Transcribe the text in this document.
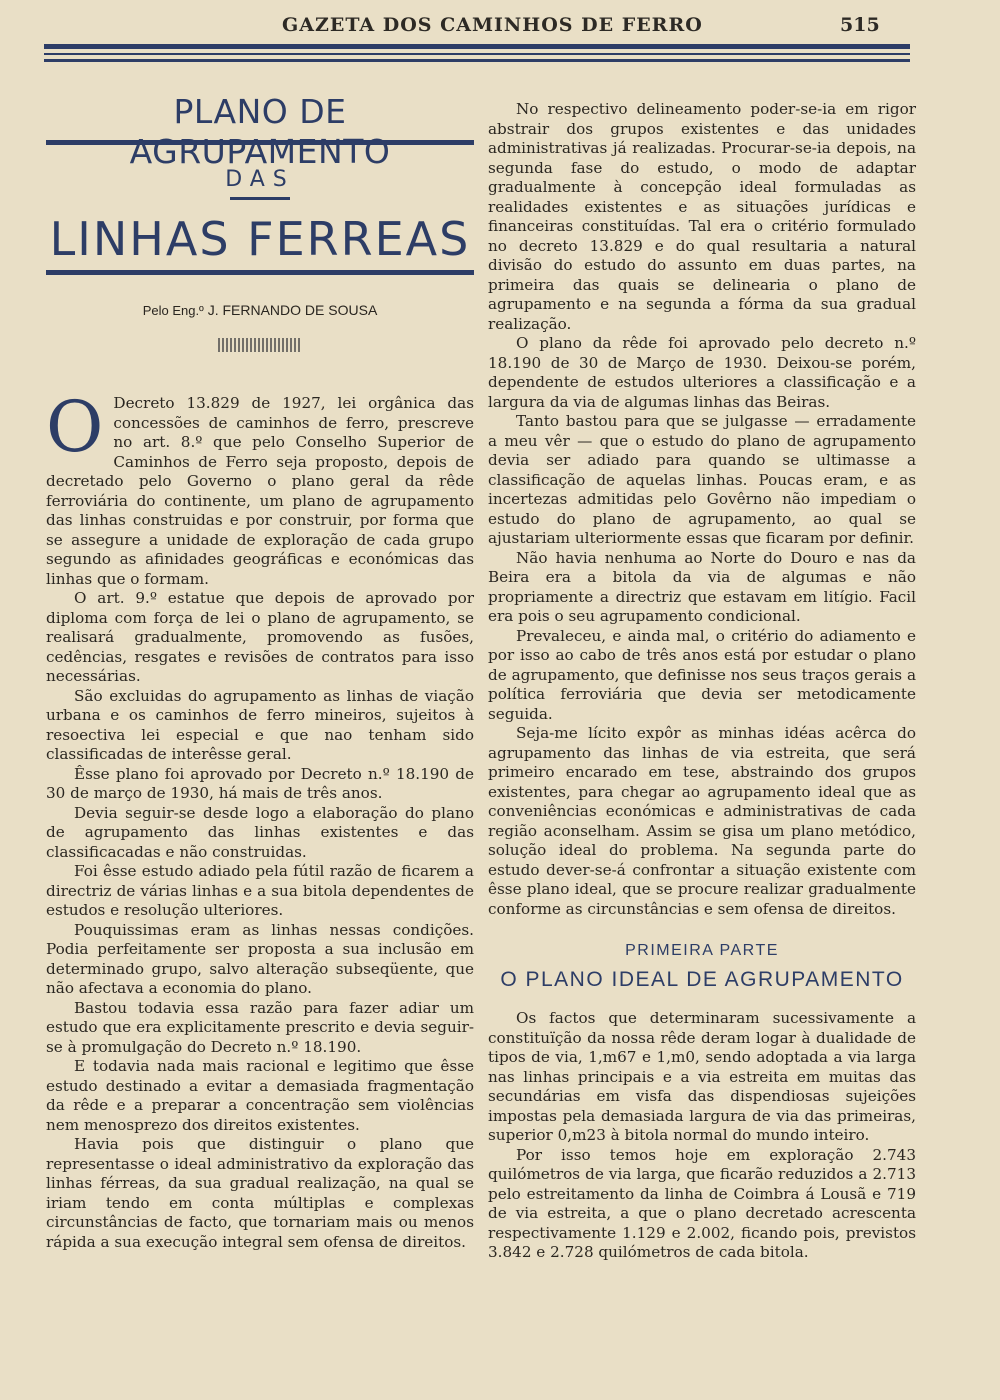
GAZETA DOS CAMINHOS DE FERRO	515
PLANO DE AGRUPAMENTO
DAS
LINHAS FERREAS
Pelo Eng.º J. FERNANDO DE SOUSA

O Decreto 13.829 de 1927, lei orgânica das concessões de caminhos de ferro, prescreve no art. 8.º que pelo Conselho Superior de Caminhos de Ferro seja proposto, depois de decretado pelo Governo o plano geral da rêde ferroviária do continente, um plano de agrupamento das linhas construidas e por construir, por forma que se assegure a unidade de exploração de cada grupo segundo as afinidades geográficas e económicas das linhas que o formam.

O art. 9.º estatue que depois de aprovado por diploma com força de lei o plano de agrupamento, se realisará gradualmente, promovendo as fusões, cedências, resgates e revisões de contratos para isso necessárias.

São excluidas do agrupamento as linhas de viação urbana e os caminhos de ferro mineiros, sujeitos à resoectiva lei especial e que nao tenham sido classificadas de interêsse geral.

Êsse plano foi aprovado por Decreto n.º 18.190 de 30 de março de 1930, há mais de três anos.

Devia seguir-se desde logo a elaboração do plano de agrupamento das linhas existentes e das classificacadas e não construidas.

Foi êsse estudo adiado pela fútil razão de ficarem a directriz de várias linhas e a sua bitola dependentes de estudos e resolução ulteriores.

Pouquissimas eram as linhas nessas condições. Podia perfeitamente ser proposta a sua inclusão em determinado grupo, salvo alteração subseqüente, que não afectava a economia do plano.

Bastou todavia essa razão para fazer adiar um estudo que era explicitamente prescrito e devia seguir-se à promulgação do Decreto n.º 18.190.

E todavia nada mais racional e legitimo que êsse estudo destinado a evitar a demasiada fragmentação da rêde e a preparar a concentração sem violências nem menosprezo dos direitos existentes.

Havia pois que distinguir o plano que representasse o ideal administrativo da exploração das linhas férreas, da sua gradual realização, na qual se iriam tendo em conta múltiplas e complexas circunstâncias de facto, que tornariam mais ou menos rápida a sua execução integral sem ofensa de direitos.

No respectivo delineamento poder-se-ia em rigor abstrair dos grupos existentes e das unidades administrativas já realizadas. Procurar-se-ia depois, na segunda fase do estudo, o modo de adaptar gradualmente à concepção ideal formuladas as realidades existentes e as situações jurídicas e financeiras constituídas. Tal era o critério formulado no decreto 13.829 e do qual resultaria a natural divisão do estudo do assunto em duas partes, na primeira das quais se delinearia o plano de agrupamento e na segunda a fórma da sua gradual realização.

O plano da rêde foi aprovado pelo decreto n.º 18.190 de 30 de Março de 1930. Deixou-se porém, dependente de estudos ulteriores a classificação e a largura da via de algumas linhas das Beiras.

Tanto bastou para que se julgasse — erradamente a meu vêr — que o estudo do plano de agrupamento devia ser adiado para quando se ultimasse a classificação de aquelas linhas. Poucas eram, e as incertezas admitidas pelo Govêrno não impediam o estudo do plano de agrupamento, ao qual se ajustariam ulteriormente essas que ficaram por definir.

Não havia nenhuma ao Norte do Douro e nas da Beira era a bitola da via de algumas e não propriamente a directriz que estavam em litígio. Facil era pois o seu agrupamento condicional.

Prevaleceu, e ainda mal, o critério do adiamento e por isso ao cabo de três anos está por estudar o plano de agrupamento, que definisse nos seus traços gerais a política ferroviária que devia ser metodicamente seguida.

Seja-me lícito expôr as minhas idéas acêrca do agrupamento das linhas de via estreita, que será primeiro encarado em tese, abstraindo dos grupos existentes, para chegar ao agrupamento ideal que as conveniências económicas e administrativas de cada região aconselham. Assim se gisa um plano metódico, solução ideal do problema. Na segunda parte do estudo dever-se-á confrontar a situação existente com êsse plano ideal, que se procure realizar gradualmente conforme as circunstâncias e sem ofensa de direitos.

PRIMEIRA PARTE
O PLANO IDEAL DE AGRUPAMENTO

Os factos que determinaram sucessivamente a constituïção da nossa rêde deram logar à dualidade de tipos de via, 1,m67 e 1,m0, sendo adoptada a via larga nas linhas principais e a via estreita em muitas das secundárias em visfa das dispendiosas sujeições impostas pela demasiada largura de via das primeiras, superior 0,m23 à bitola normal do mundo inteiro.

Por isso temos hoje em exploração 2.743 quilómetros de via larga, que ficarão reduzidos a 2.713 pelo estreitamento da linha de Coimbra á Lousã e 719 de via estreita, a que o plano decretado acrescenta respectivamente 1.129 e 2.002, ficando pois, previstos 3.842 e 2.728 quilómetros de cada bitola.
